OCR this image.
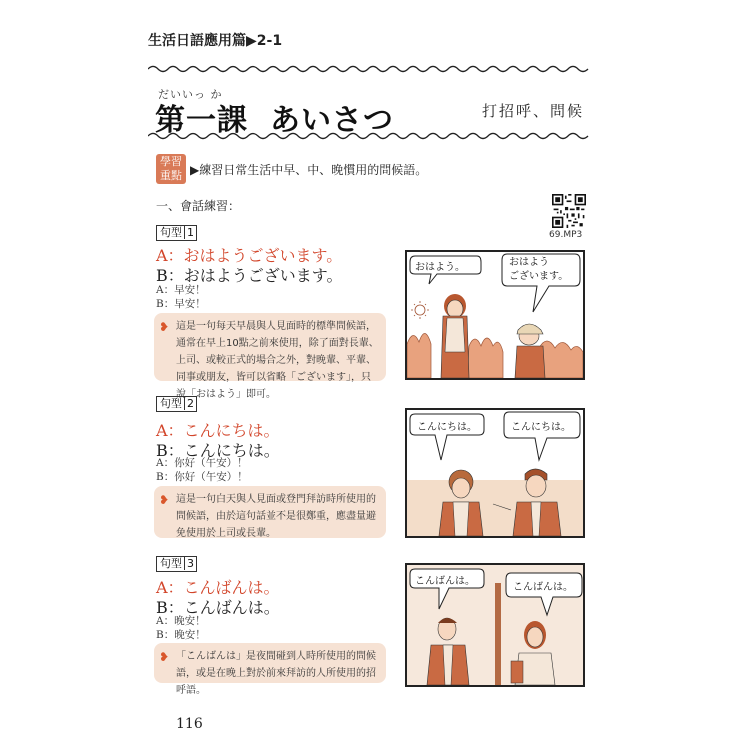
生活日語應用篇▶2-1
だいいっ か
第一課 あいさつ	打招呼、問候
學習
重點 ▶練習日常生活中早、中、晚慣用的問候語。
一、會話練習：
69.MP3
句型 1
A：おはようございます。
B：おはようございます。
A：早安！
B：早安！
❥ 這是一句每天早晨與人見面時的標準問候語，通常在早上10點之前來使用，除了面對長輩、上司、或較正式的場合之外，對晚輩、平輩、同事或朋友，皆可以省略「ございます」，只說「おはよう」即可。
おはよう。	おはよう
ございます。
句型 2
A：こんにちは。
B：こんにちは。
A：你好（午安）！
B：你好（午安）！
❥ 這是一句白天與人見面或登門拜訪時所使用的問候語，由於這句話並不是很鄭重，應盡量避免使用於上司或長輩。
こんにちは。	こんにちは。
句型 3
A：こんばんは。
B：こんばんは。
A：晚安！
B：晚安！
❥ 「こんばんは」是夜間碰到人時所使用的問候語，或是在晚上對於前來拜訪的人所使用的招呼語。
こんばんは。
こんばんは。
116
